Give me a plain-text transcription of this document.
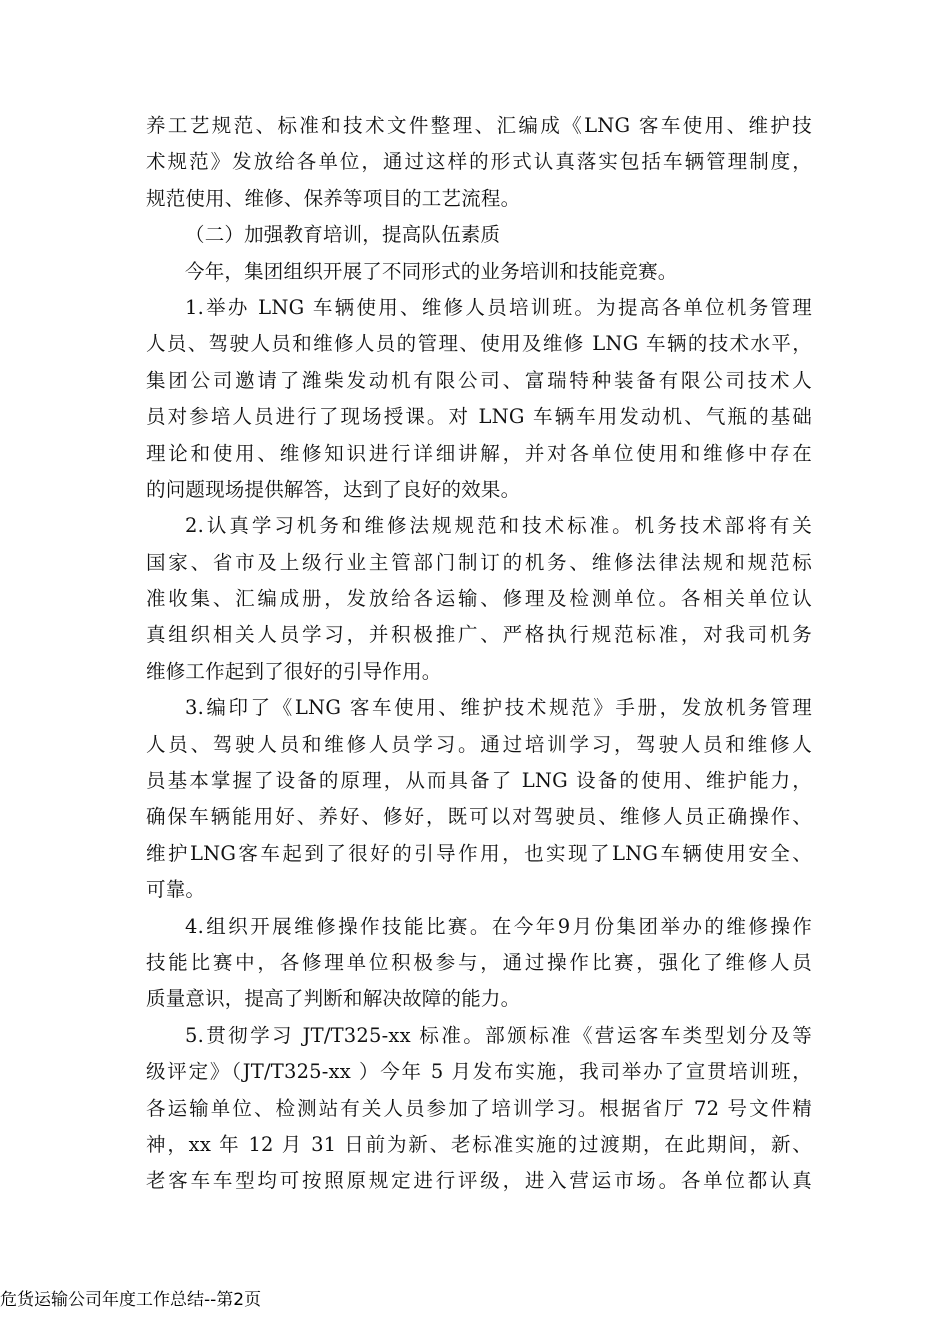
养工艺规范、标准和技术文件整理、汇编成《LNG 客车使用、维护技
术规范》发放给各单位，通过这样的形式认真落实包括车辆管理制度，
规范使用、维修、保养等项目的工艺流程。
（二）加强教育培训，提高队伍素质
今年，集团组织开展了不同形式的业务培训和技能竞赛。
1.举办 LNG 车辆使用、维修人员培训班。为提高各单位机务管理
人员、驾驶人员和维修人员的管理、使用及维修 LNG 车辆的技术水平，
集团公司邀请了潍柴发动机有限公司、富瑞特种装备有限公司技术人
员对参培人员进行了现场授课。对 LNG 车辆车用发动机、气瓶的基础
理论和使用、维修知识进行详细讲解，并对各单位使用和维修中存在
的问题现场提供解答，达到了良好的效果。
2.认真学习机务和维修法规规范和技术标准。机务技术部将有关
国家、省市及上级行业主管部门制订的机务、维修法律法规和规范标
准收集、汇编成册，发放给各运输、修理及检测单位。各相关单位认
真组织相关人员学习，并积极推广、严格执行规范标准，对我司机务
维修工作起到了很好的引导作用。
3.编印了《LNG 客车使用、维护技术规范》手册，发放机务管理
人员、驾驶人员和维修人员学习。通过培训学习，驾驶人员和维修人
员基本掌握了设备的原理，从而具备了 LNG 设备的使用、维护能力，
确保车辆能用好、养好、修好，既可以对驾驶员、维修人员正确操作、
维护LNG客车起到了很好的引导作用，也实现了LNG车辆使用安全、
可靠。
4.组织开展维修操作技能比赛。在今年9月份集团举办的维修操作
技能比赛中，各修理单位积极参与，通过操作比赛，强化了维修人员
质量意识，提高了判断和解决故障的能力。
5.贯彻学习 JT/T325-xx 标准。部颁标准《营运客车类型划分及等
级评定》（JT/T325-xx ）今年 5 月发布实施，我司举办了宣贯培训班，
各运输单位、检测站有关人员参加了培训学习。根据省厅 72 号文件精
神，xx 年 12 月 31 日前为新、老标准实施的过渡期，在此期间，新、
老客车车型均可按照原规定进行评级，进入营运市场。各单位都认真
危货运输公司年度工作总结--第2页
